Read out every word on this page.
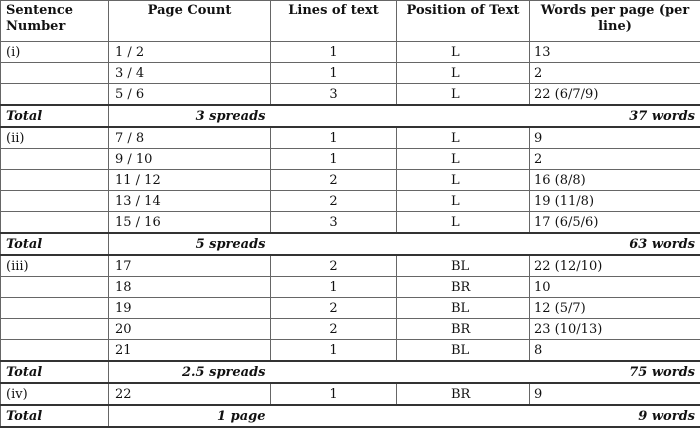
Sentence Number	Page Count	Lines of text	Position of Text	Words per page (per line)
(i)	1 / 2	1	L	13
	3 / 4	1	L	2
	5 / 6	3	L	22 (6/7/9)
Total	3 spreads			37 words
(ii)	7 / 8	1	L	9
	9 / 10	1	L	2
	11 / 12	2	L	16 (8/8)
	13 / 14	2	L	19 (11/8)
	15 / 16	3	L	17 (6/5/6)
Total	5 spreads			63 words
(iii)	17	2	BL	22 (12/10)
	18	1	BR	10
	19	2	BL	12 (5/7)
	20	2	BR	23 (10/13)
	21	1	BL	8
Total	2.5 spreads			75 words
(iv)	22	1	BR	9
Total	1 page			9 words
